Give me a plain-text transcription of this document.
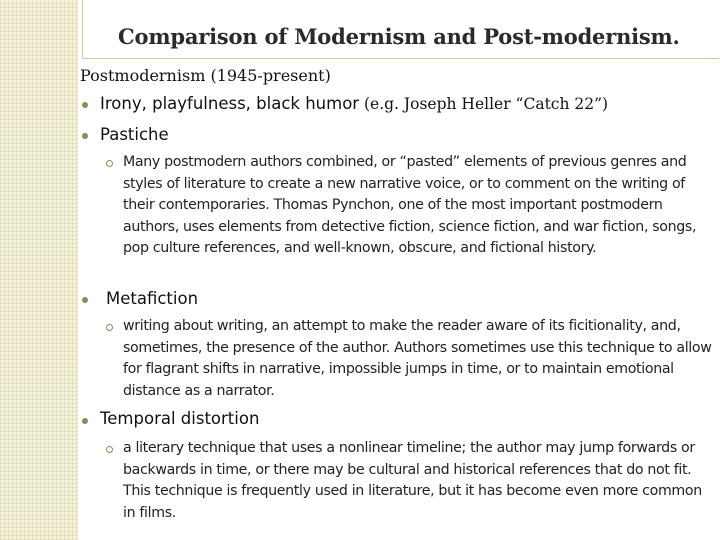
Comparison of Modernism and Post-modernism.
Postmodernism (1945-present)
Irony, playfulness, black humor (e.g. Joseph Heller “Catch 22”)
Pastiche
Many postmodern authors combined, or “pasted” elements of previous genres and styles of literature to create a new narrative voice, or to comment on the writing of their contemporaries. Thomas Pynchon, one of the most important postmodern authors, uses elements from detective fiction, science fiction, and war fiction, songs, pop culture references, and well-known, obscure, and fictional history.
Metafiction
writing about writing, an attempt to make the reader aware of its ficitionality, and, sometimes, the presence of the author. Authors sometimes use this technique to allow for flagrant shifts in narrative, impossible jumps in time, or to maintain emotional distance as a narrator.
Temporal distortion
a literary technique that uses a nonlinear timeline; the author may jump forwards or backwards in time, or there may be cultural and historical references that do not fit. This technique is frequently used in literature, but it has become even more common in films.
